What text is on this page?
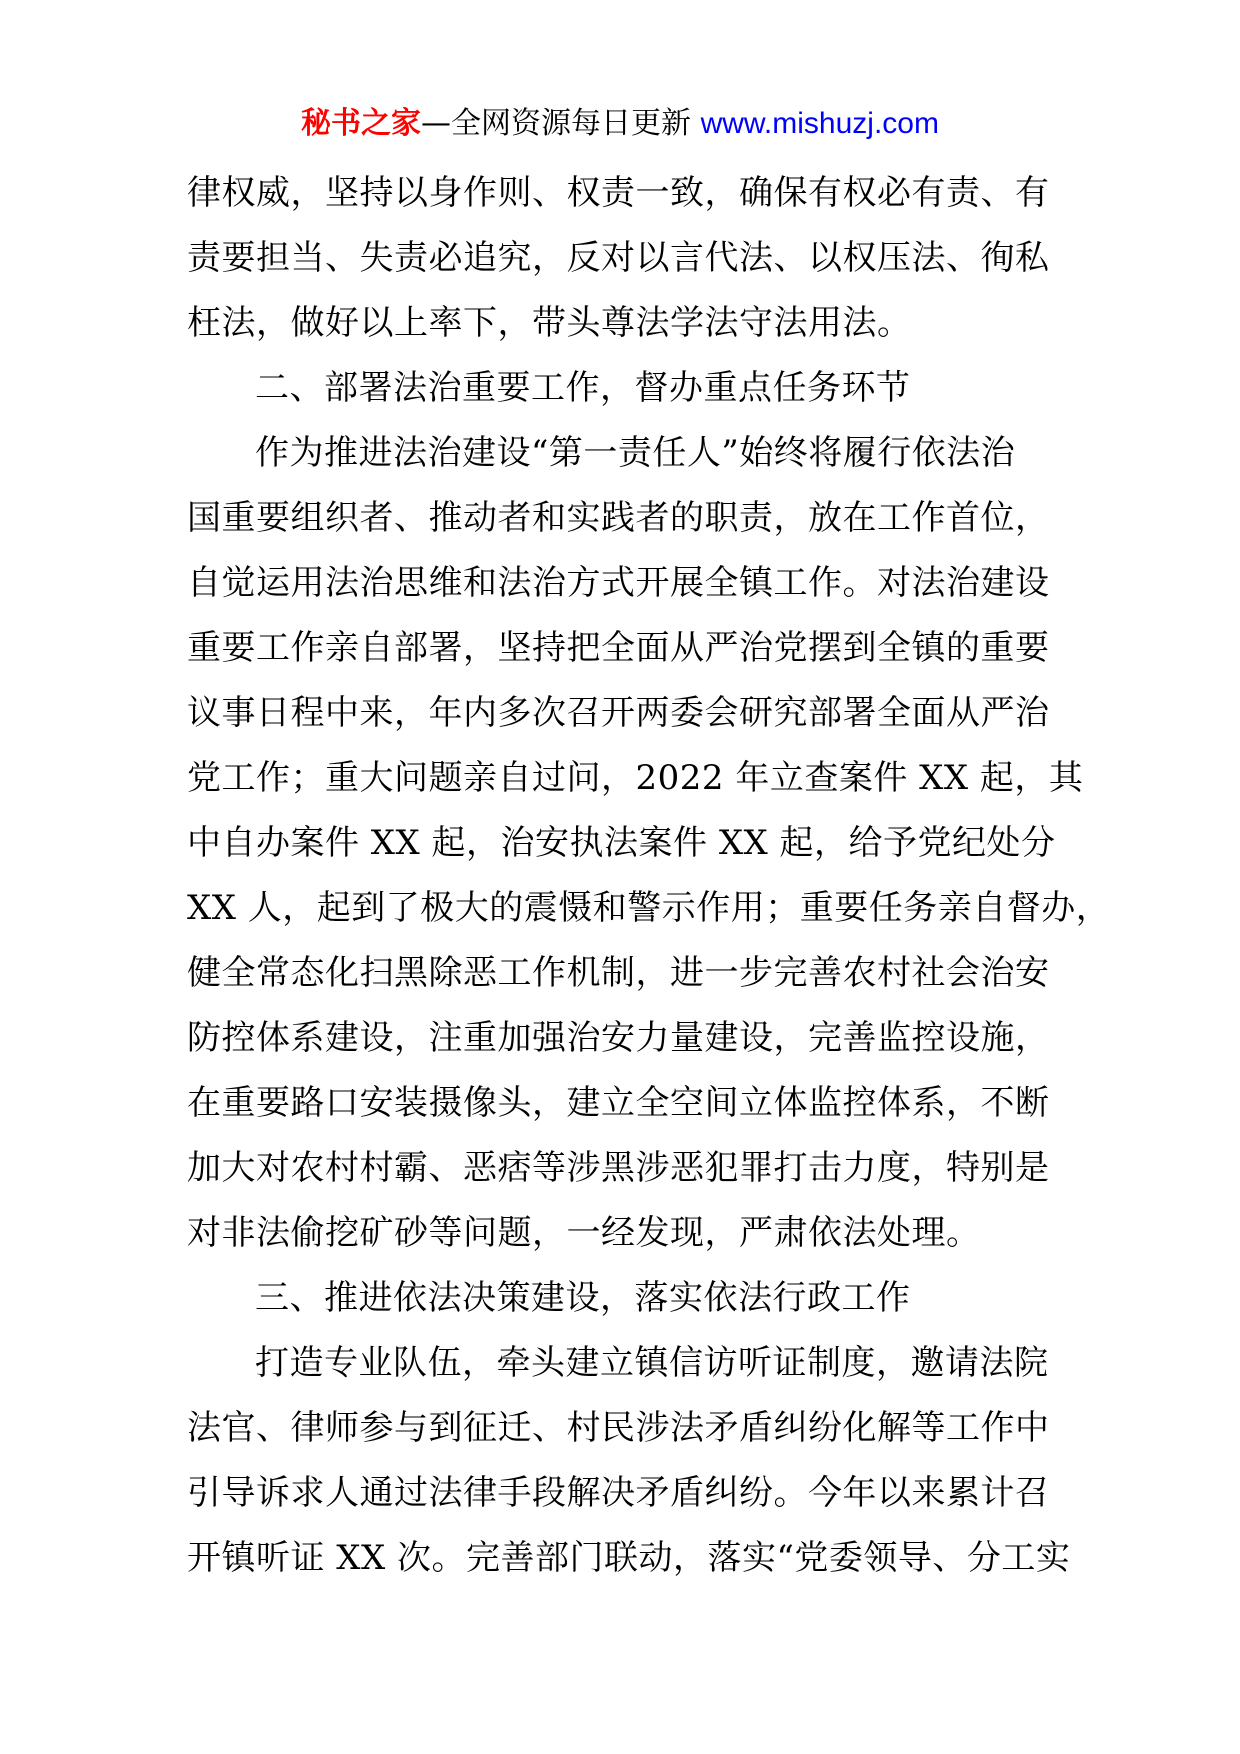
秘书之家—全网资源每日更新 www.mishuzj.com
律权威，坚持以身作则、权责一致，确保有权必有责、有
责要担当、失责必追究，反对以言代法、以权压法、徇私
枉法，做好以上率下，带头尊法学法守法用法。
二、部署法治重要工作，督办重点任务环节
作为推进法治建设“第一责任人”始终将履行依法治
国重要组织者、推动者和实践者的职责，放在工作首位，
自觉运用法治思维和法治方式开展全镇工作。对法治建设
重要工作亲自部署，坚持把全面从严治党摆到全镇的重要
议事日程中来，年内多次召开两委会研究部署全面从严治
党工作；重大问题亲自过问，2022 年立查案件 XX 起，其
中自办案件 XX 起，治安执法案件 XX 起，给予党纪处分
XX 人，起到了极大的震慑和警示作用；重要任务亲自督办，
健全常态化扫黑除恶工作机制，进一步完善农村社会治安
防控体系建设，注重加强治安力量建设，完善监控设施，
在重要路口安装摄像头，建立全空间立体监控体系，不断
加大对农村村霸、恶痞等涉黑涉恶犯罪打击力度，特别是
对非法偷挖矿砂等问题，一经发现，严肃依法处理。
三、推进依法决策建设，落实依法行政工作
打造专业队伍，牵头建立镇信访听证制度，邀请法院
法官、律师参与到征迁、村民涉法矛盾纠纷化解等工作中
引导诉求人通过法律手段解决矛盾纠纷。今年以来累计召
开镇听证 XX 次。完善部门联动，落实“党委领导、分工实
